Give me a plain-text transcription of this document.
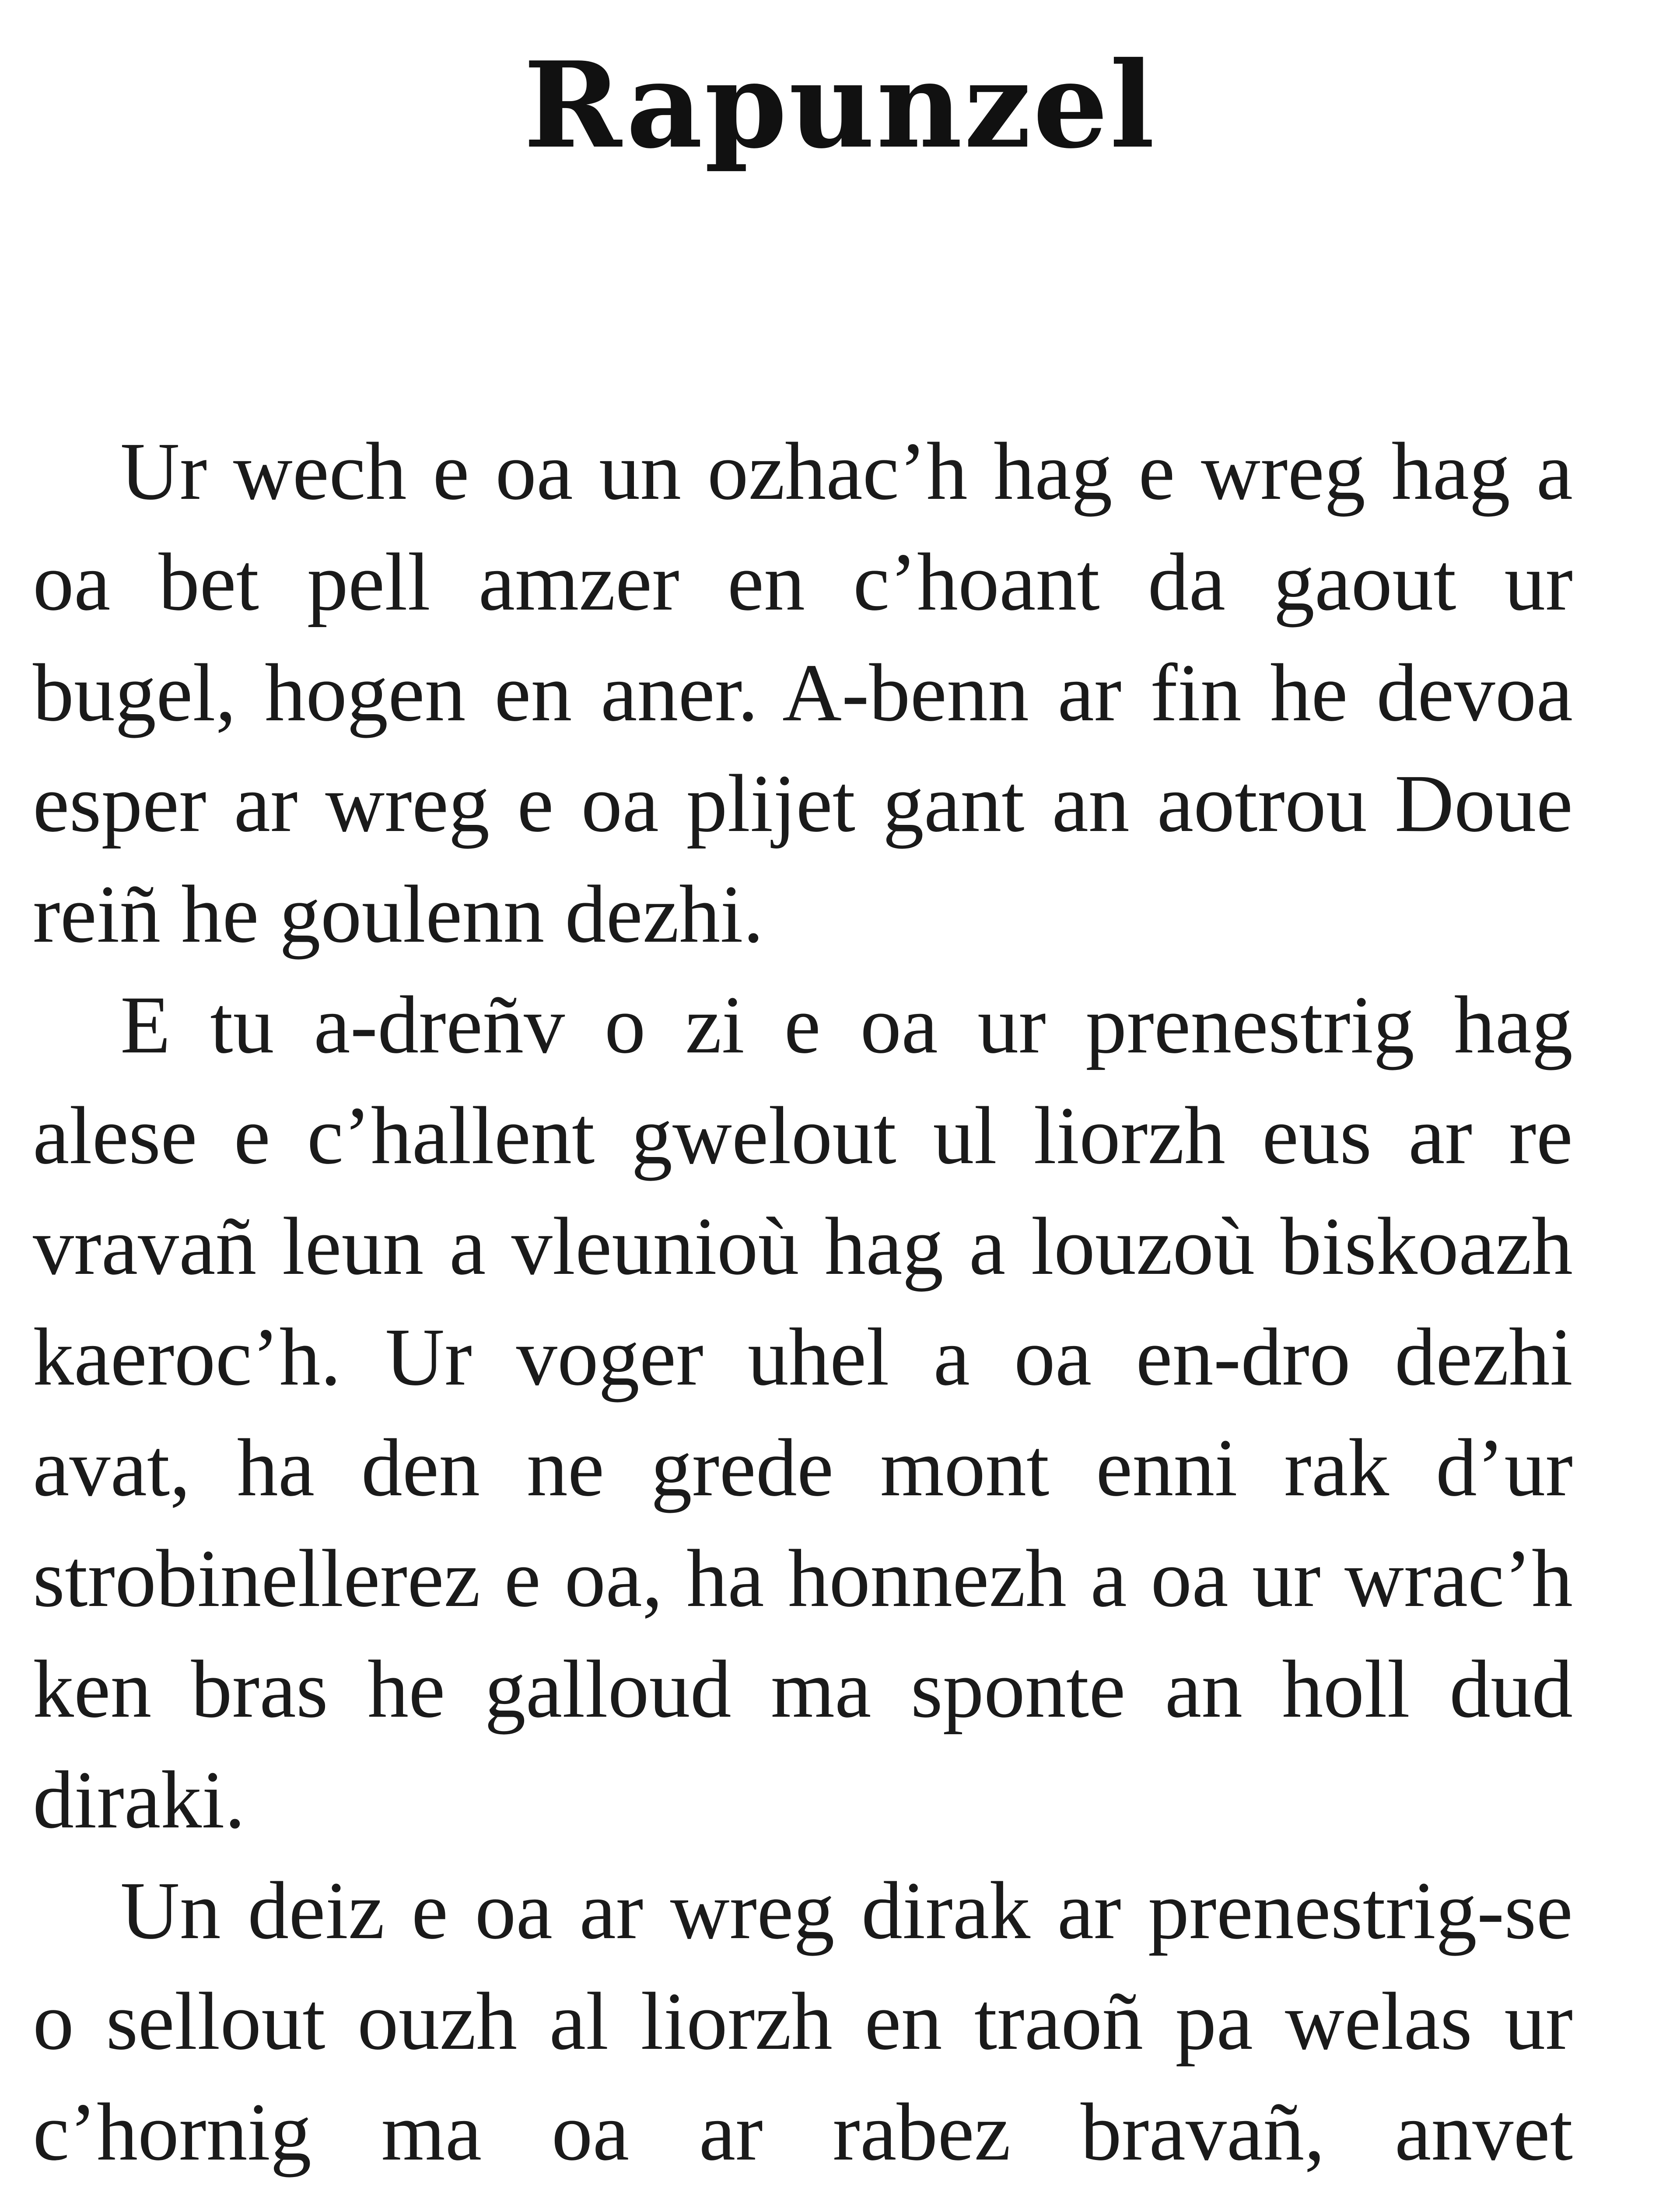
Rapunzel

Ur wech e oa un ozhac’h hag e wreg hag a oa bet pell amzer en c’hoant da gaout ur bugel, hogen en aner. A-benn ar fin he devoa esper ar wreg e oa plijet gant an aotrou Doue reiñ he goulenn dezhi.

E tu a-dreñv o zi e oa ur prenestrig hag alese e c’hallent gwelout ul liorzh eus ar re vravañ leun a vleunioù hag a louzoù biskoazh kaeroc’h. Ur voger uhel a oa en-dro dezhi avat, ha den ne grede mont enni rak d’ur strobinellerez e oa, ha honnezh a oa ur wrac’h ken bras he galloud ma sponte an holl dud diraki.

Un deiz e oa ar wreg dirak ar prenestrig-se o sellout ouzh al liorzh en traoñ pa welas ur c’hornig ma oa ar rabez bravañ, anvet
